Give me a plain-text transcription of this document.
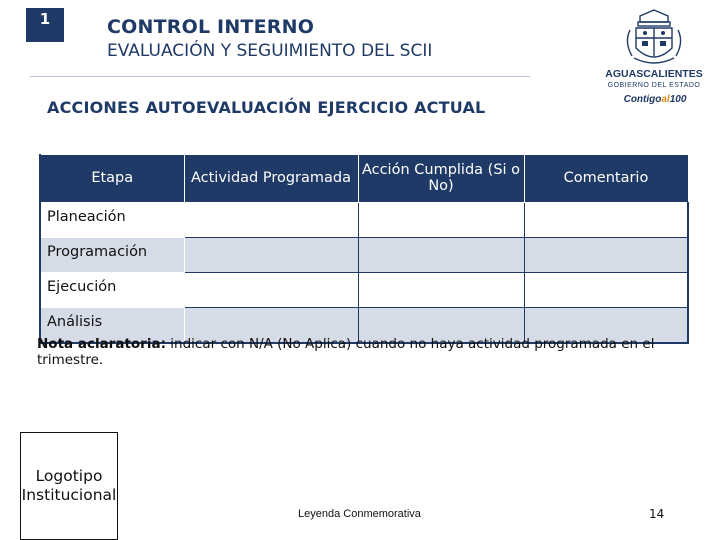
1	CONTROL INTERNO
EVALUACIÓN Y SEGUIMIENTO DEL SCII
ACCIONES AUTOEVALUACIÓN EJERCICIO ACTUAL
AGUASCALIENTES
GOBIERNO DEL ESTADO
Contigo al 100
Etapa	Actividad Programada	Acción Cumplida (Si o No)	Comentario
Planeación			
Programación			
Ejecución			
Análisis			
Nota aclaratoria: indicar con N/A (No Aplica) cuando no haya actividad programada en el trimestre.
Logotipo
Institucional
Leyenda Conmemorativa	14
